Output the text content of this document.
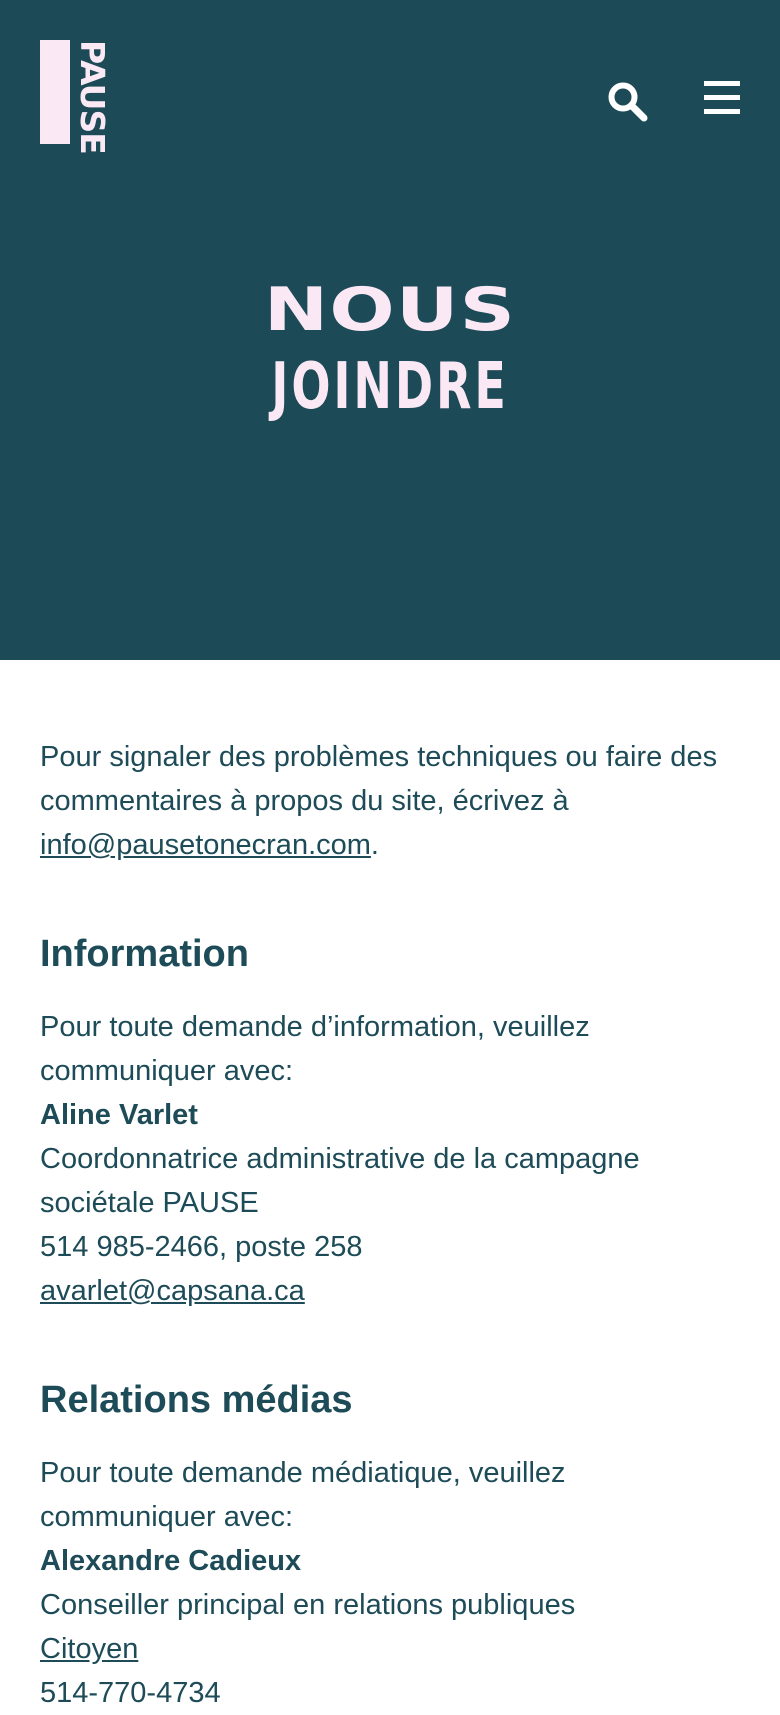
PAUSE
NOUS
JOINDRE

Pour signaler des problèmes techniques ou faire des commentaires à propos du site, écrivez à info@pausetonecran.com.

Information

Pour toute demande d’information, veuillez communiquer avec:

Aline Varlet

Coordonnatrice administrative de la campagne sociétale PAUSE

514 985-2466, poste 258

avarlet@capsana.ca

Relations médias

Pour toute demande médiatique, veuillez communiquer avec:

Alexandre Cadieux

Conseiller principal en relations publiques

Citoyen

514-770-4734
